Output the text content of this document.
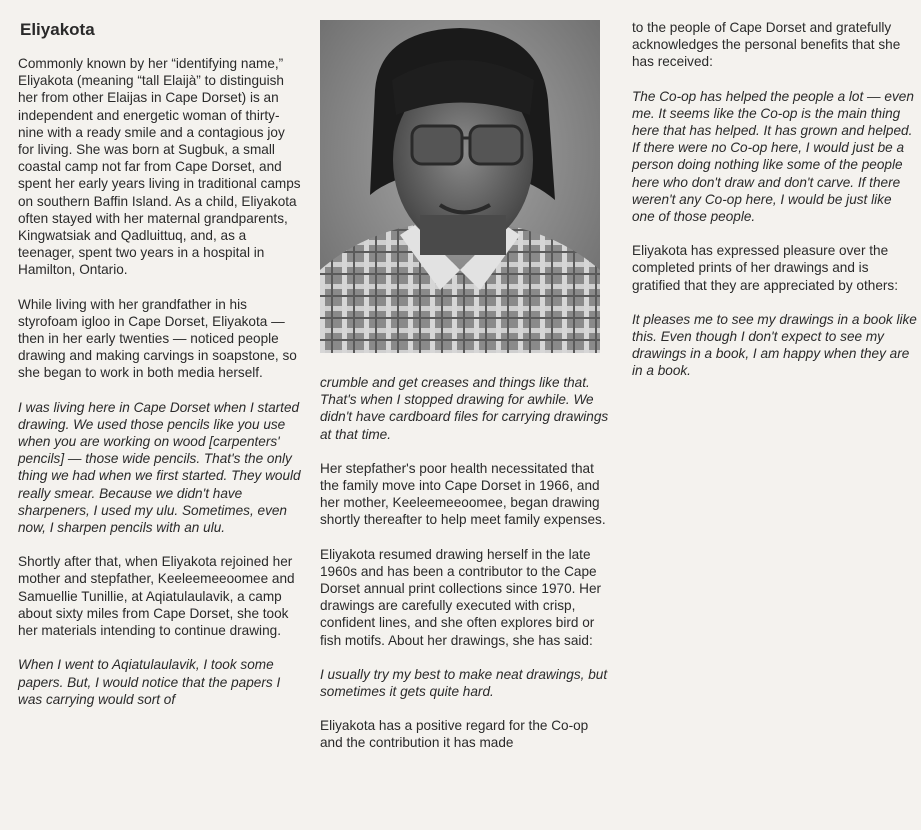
Eliyakota

Commonly known by her “identifying name,” Eliyakota (meaning “tall Elaijà” to distinguish her from other Elaijas in Cape Dorset) is an independent and energetic woman of thirty-nine with a ready smile and a contagious joy for living. She was born at Sugbuk, a small coastal camp not far from Cape Dorset, and spent her early years living in traditional camps on southern Baffin Island. As a child, Eliyakota often stayed with her maternal grandparents, Kingwatsiak and Qadluittuq, and, as a teenager, spent two years in a hospital in Hamilton, Ontario.

While living with her grandfather in his styrofoam igloo in Cape Dorset, Eliyakota — then in her early twenties — noticed people drawing and making carvings in soapstone, so she began to work in both media herself.

I was living here in Cape Dorset when I started drawing. We used those pencils like you use when you are working on wood [carpenters' pencils] — those wide pencils. That's the only thing we had when we first started. They would really smear. Because we didn't have sharpeners, I used my ulu. Sometimes, even now, I sharpen pencils with an ulu.

Shortly after that, when Eliyakota rejoined her mother and stepfather, Keeleemeeoomee and Samuellie Tunillie, at Aqiatulaulavik, a camp about sixty miles from Cape Dorset, she took her materials intending to continue drawing.

When I went to Aqiatulaulavik, I took some papers. But, I would notice that the papers I was carrying would sort of

crumble and get creases and things like that. That's when I stopped drawing for awhile. We didn't have cardboard files for carrying drawings at that time.

Her stepfather's poor health necessitated that the family move into Cape Dorset in 1966, and her mother, Keeleemeeoomee, began drawing shortly thereafter to help meet family expenses.

Eliyakota resumed drawing herself in the late 1960s and has been a contributor to the Cape Dorset annual print collections since 1970. Her drawings are carefully executed with crisp, confident lines, and she often explores bird or fish motifs. About her drawings, she has said:

I usually try my best to make neat drawings, but sometimes it gets quite hard.

Eliyakota has a positive regard for the Co-op and the contribution it has made

to the people of Cape Dorset and gratefully acknowledges the personal benefits that she has received:

The Co-op has helped the people a lot — even me. It seems like the Co-op is the main thing here that has helped. It has grown and helped. If there were no Co-op here, I would just be a person doing nothing like some of the people here who don't draw and don't carve. If there weren't any Co-op here, I would be just like one of those people.

Eliyakota has expressed pleasure over the completed prints of her drawings and is gratified that they are appreciated by others:

It pleases me to see my drawings in a book like this. Even though I don't expect to see my drawings in a book, I am happy when they are in a book.
